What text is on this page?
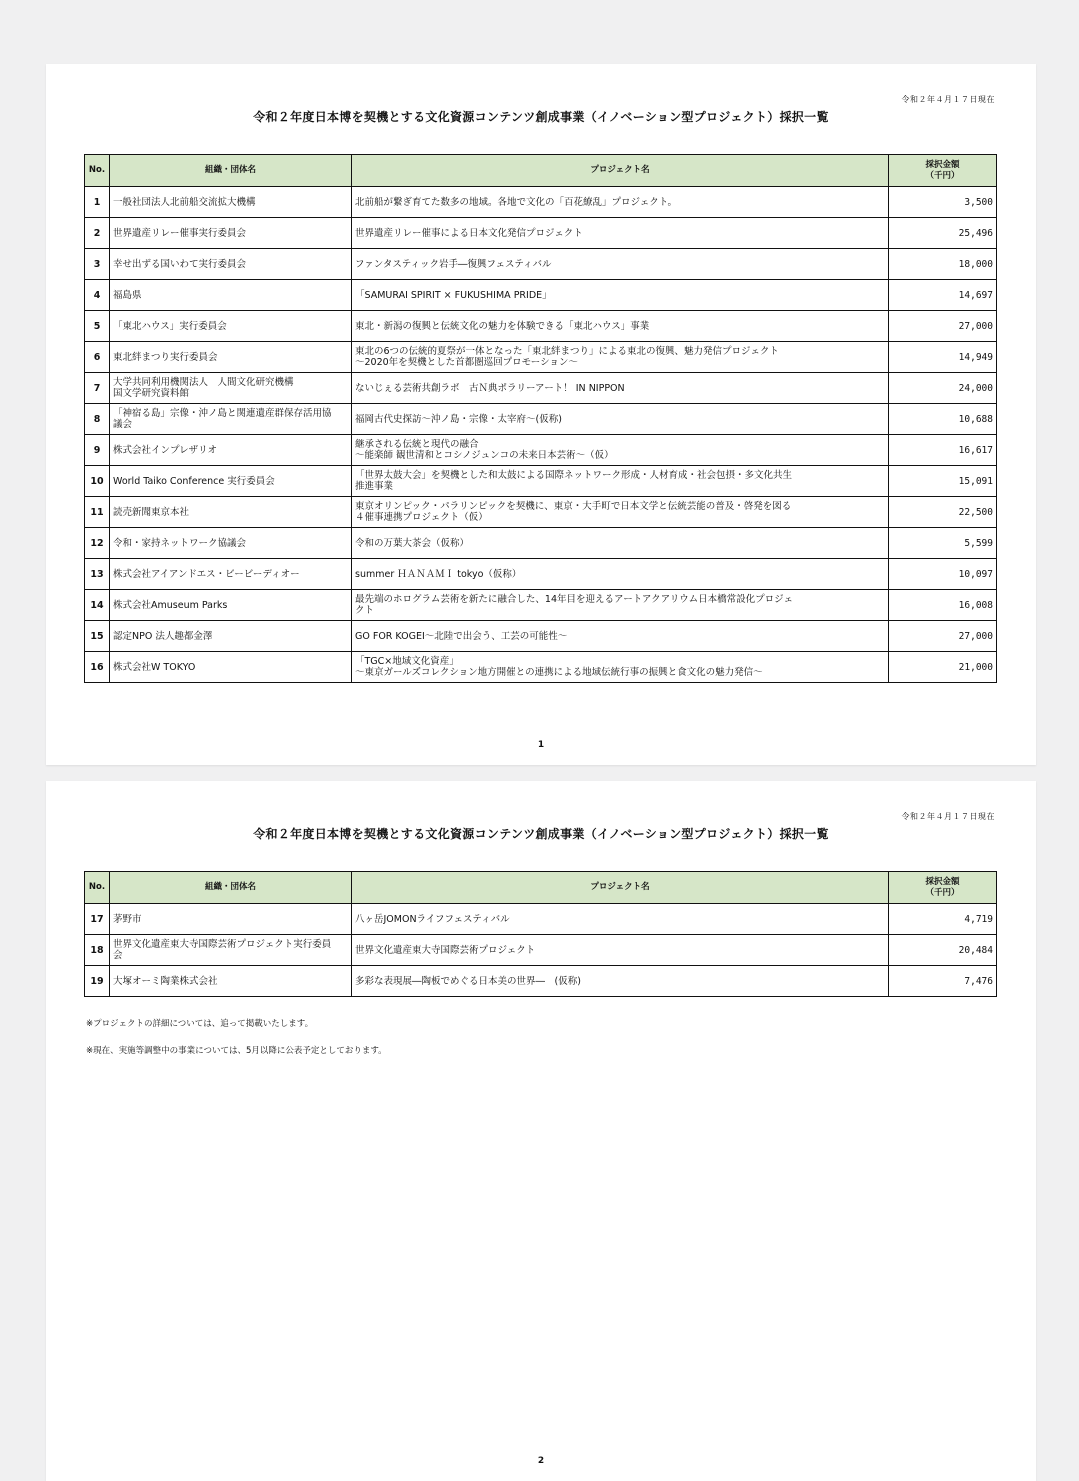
令和２年４月１７日現在
令和２年度日本博を契機とする文化資源コンテンツ創成事業（イノベーション型プロジェクト）採択一覧
No.	組織・団体名	プロジェクト名	採択金額
（千円）

1	一般社団法人北前船交流拡大機構	北前船が繋ぎ育てた数多の地域。各地で文化の「百花繚乱」プロジェクト。	3,500
2	世界遺産リレー催事実行委員会	世界遺産リレー催事による日本文化発信プロジェクト	25,496
3	幸せ出ずる国いわて実行委員会	ファンタスティック岩手―復興フェスティバル	18,000
4	福島県	「SAMURAI SPIRIT × FUKUSHIMA PRIDE」	14,697
5	「東北ハウス」実行委員会	東北・新潟の復興と伝統文化の魅力を体験できる「東北ハウス」事業	27,000
6	東北絆まつり実行委員会	東北の6つの伝統的夏祭が一体となった「東北絆まつり」による東北の復興、魅力発信プロジェクト
～2020年を契機とした首都圏巡回プロモーション～	14,949
7	大学共同利用機関法人　人間文化研究機構
国文学研究資料館	ないじぇる芸術共創ラボ　古Ｎ典ポラリーアート！ IN NIPPON	24,000
8	「神宿る島」宗像・沖ノ島と関連遺産群保存活用協
議会	福岡古代史探訪～沖ノ島・宗像・太宰府～(仮称)	10,688
9	株式会社インプレザリオ	継承される伝統と現代の融合
～能楽師 観世清和とコシノジュンコの未来日本芸術～（仮）	16,617
10	World Taiko Conference 実行委員会	「世界太鼓大会」を契機とした和太鼓による国際ネットワーク形成・人材育成・社会包摂・多文化共生
推進事業	15,091
11	読売新聞東京本社	東京オリンピック・パラリンピックを契機に、東京・大手町で日本文学と伝統芸能の普及・啓発を図る
４催事連携プロジェクト（仮）	22,500
12	令和・家持ネットワーク協議会	令和の万葉大茶会（仮称）	5,599
13	株式会社アイアンドエス・ビービーディオー	summer ＨＡＮＡＭＩ tokyo（仮称）	10,097
14	株式会社Amuseum Parks	最先端のホログラム芸術を新たに融合した、14年目を迎えるアートアクアリウム日本橋常設化プロジェ
クト	16,008
15	認定NPO 法人趣都金澤	GO FOR KOGEI～北陸で出会う、工芸の可能性～	27,000
16	株式会社W TOKYO	「TGC×地域文化資産」
～東京ガールズコレクション地方開催との連携による地域伝統行事の振興と食文化の魅力発信～	21,000
1
令和２年４月１７日現在
令和２年度日本博を契機とする文化資源コンテンツ創成事業（イノベーション型プロジェクト）採択一覧
No.	組織・団体名	プロジェクト名	採択金額
（千円）

17	茅野市	八ヶ岳JOMONライフフェスティバル	4,719
18	世界文化遺産東大寺国際芸術プロジェクト実行委員
会	世界文化遺産東大寺国際芸術プロジェクト	20,484
19	大塚オーミ陶業株式会社	多彩な表現展―陶板でめぐる日本美の世界―　(仮称)	7,476
※プロジェクトの詳細については、追って掲載いたします。
※現在、実施等調整中の事業については、5月以降に公表予定としております。
2
